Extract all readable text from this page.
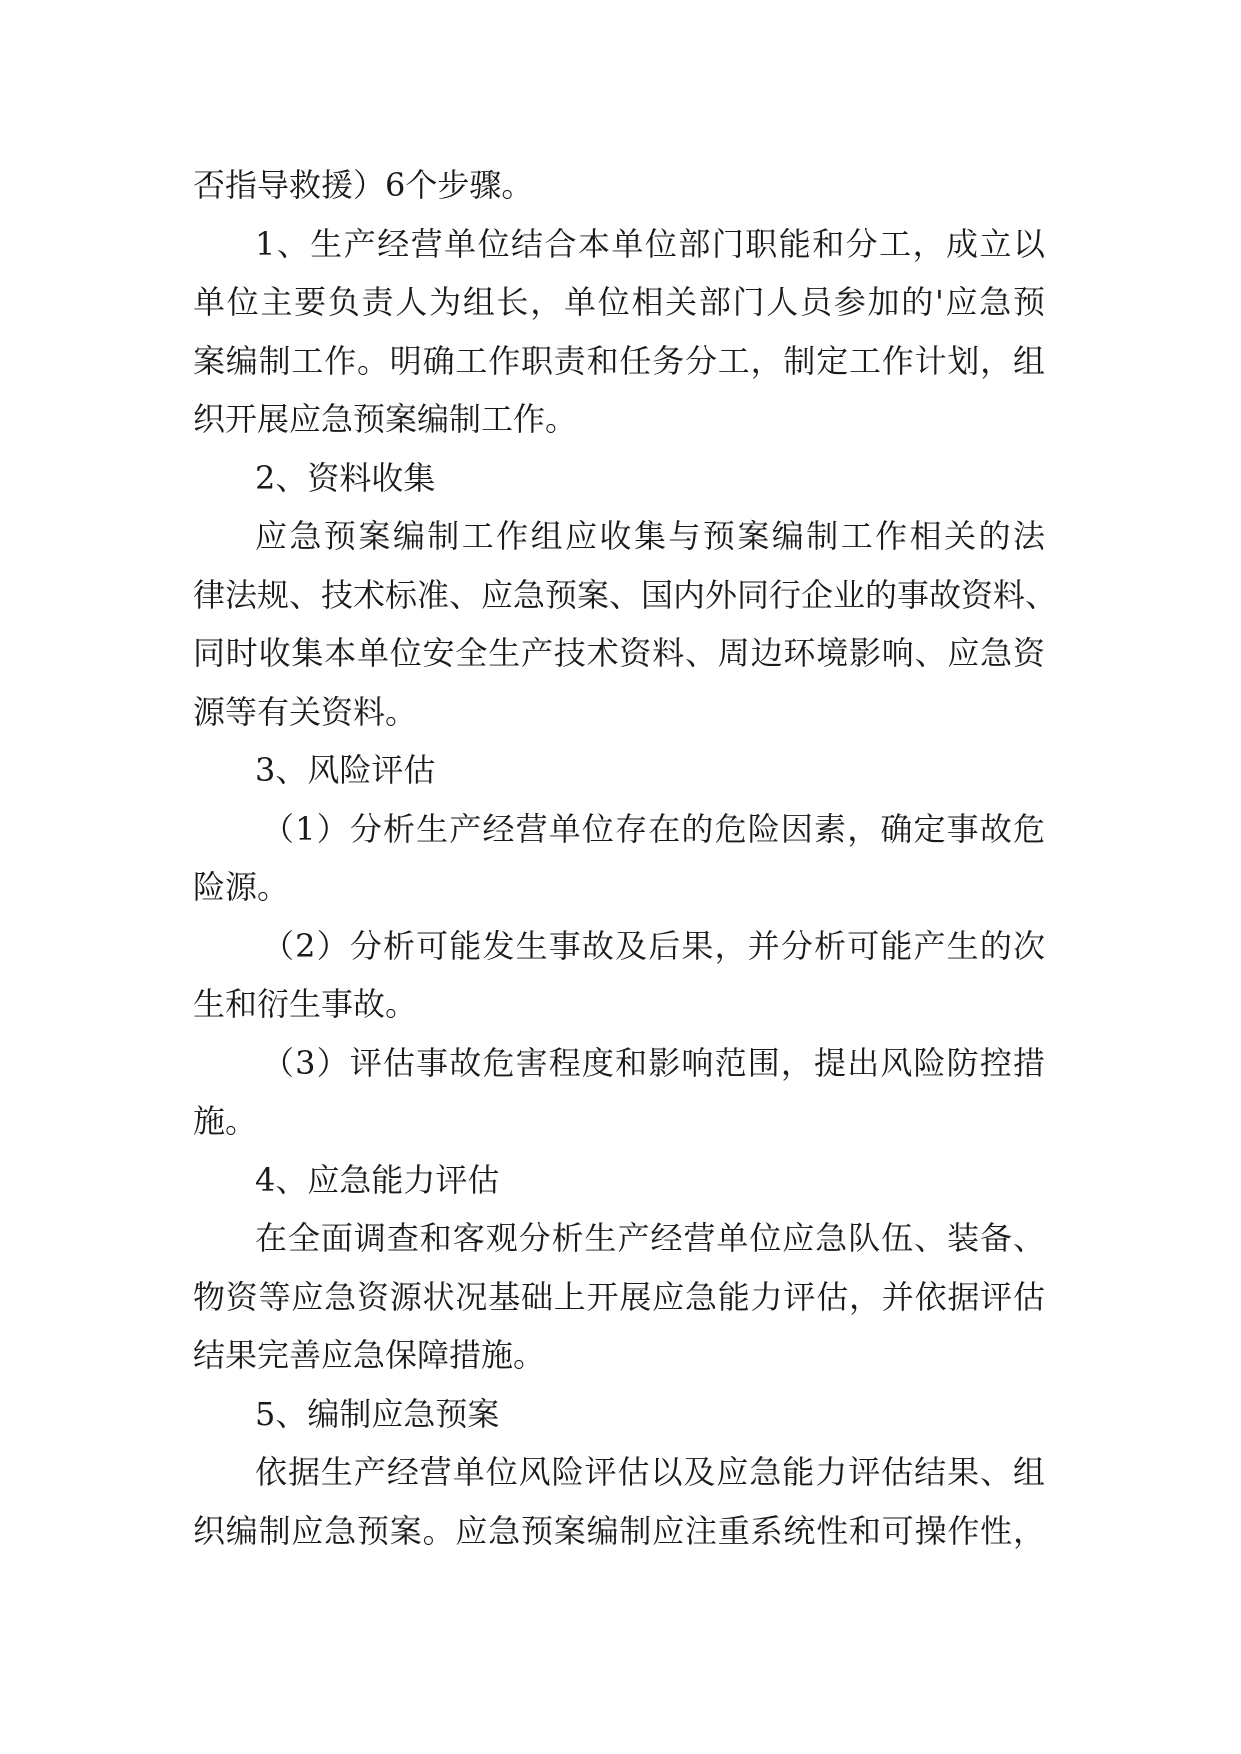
否指导救援）6个步骤。
1、生产经营单位结合本单位部门职能和分工，成立以
单位主要负责人为组长，单位相关部门人员参加的'应急预
案编制工作。明确工作职责和任务分工，制定工作计划，组
织开展应急预案编制工作。
2、资料收集
应急预案编制工作组应收集与预案编制工作相关的法
律法规、技术标准、应急预案、国内外同行企业的事故资料、
同时收集本单位安全生产技术资料、周边环境影响、应急资
源等有关资料。
3、风险评估
（1）分析生产经营单位存在的危险因素，确定事故危
险源。
（2）分析可能发生事故及后果，并分析可能产生的次
生和衍生事故。
（3）评估事故危害程度和影响范围，提出风险防控措
施。
4、应急能力评估
在全面调查和客观分析生产经营单位应急队伍、装备、
物资等应急资源状况基础上开展应急能力评估，并依据评估
结果完善应急保障措施。
5、编制应急预案
依据生产经营单位风险评估以及应急能力评估结果、组
织编制应急预案。应急预案编制应注重系统性和可操作性，
